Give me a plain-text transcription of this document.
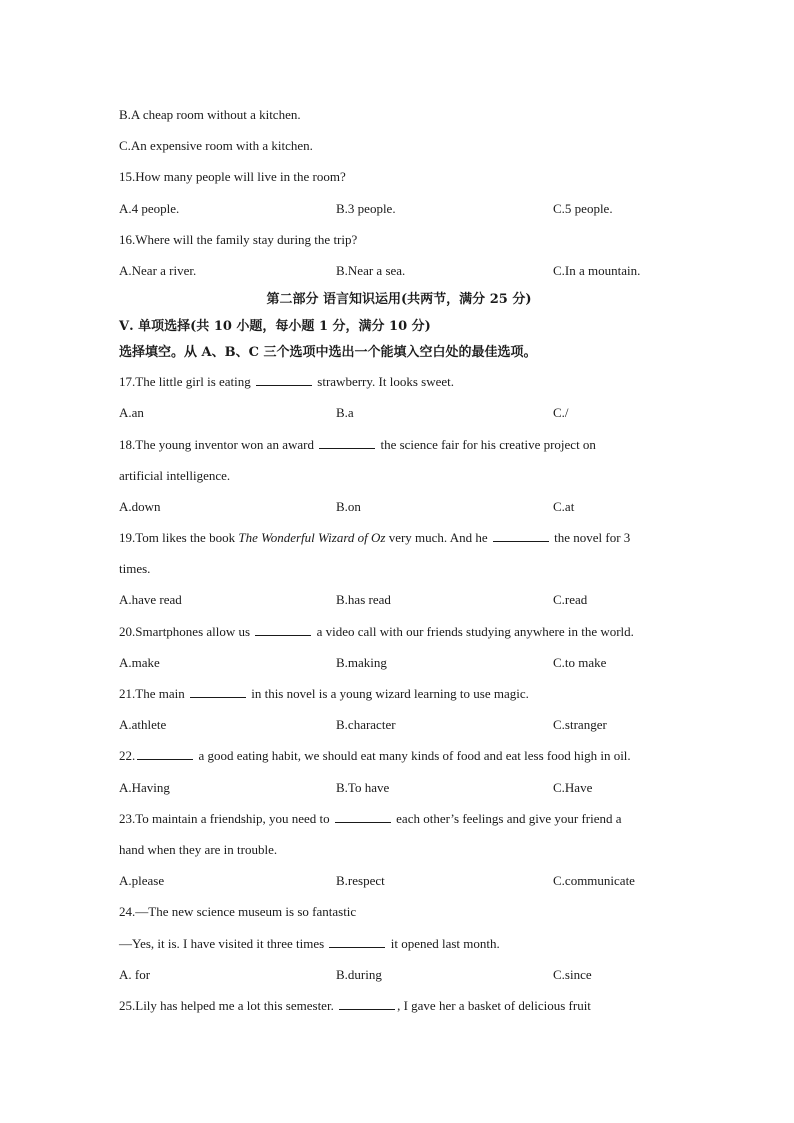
B.A cheap room without a kitchen.
C.An expensive room with a kitchen.
15.How many people will live in the room?
A.4 people.	B.3 people.	C.5 people.
16.Where will the family stay during the trip?
A.Near a river.	B.Near a sea.	C.In a mountain.
第二部分 语言知识运用(共两节，满分 25 分)
Ⅴ. 单项选择(共 10 小题，每小题 1 分，满分 10 分)
选择填空。从 A、B、C 三个选项中选出一个能填入空白处的最佳选项。
17.The little girl is eating	strawberry. It looks sweet.
A.an	B.a	C./
18.The young inventor won an award	the science fair for his creative project on
artificial intelligence.
A.down	B.on	C.at
19.Tom likes the book The Wonderful Wizard of Oz very much. And he	the novel for 3
times.
A.have read	B.has read	C.read
20.Smartphones allow us	a video call with our friends studying anywhere in the world.
A.make	B.making	C.to make
21.The main	in this novel is a young wizard learning to use magic.
A.athlete	B.character	C.stranger
22.	a good eating habit, we should eat many kinds of food and eat less food high in oil.
A.Having	B.To have	C.Have
23.To maintain a friendship, you need to	each other’s feelings and give your friend a
hand when they are in trouble.
A.please	B.respect	C.communicate
24.—The new science museum is so fantastic
—Yes, it is. I have visited it three times	it opened last month.
A. for	B.during	C.since
25.Lily has helped me a lot this semester.	, I gave her a basket of delicious fruit
